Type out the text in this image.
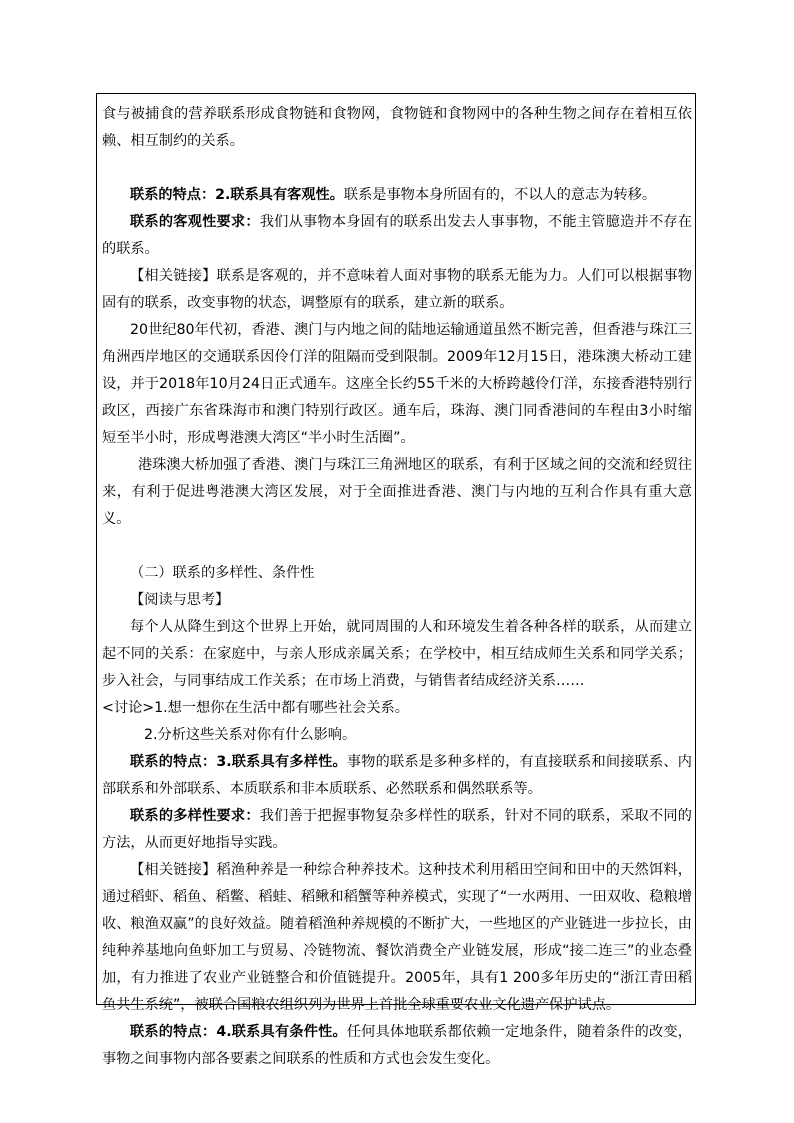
食与被捕食的营养联系形成食物链和食物网，食物链和食物网中的各种生物之间存在着相互依赖、相互制约的关系。

联系的特点：2.联系具有客观性。联系是事物本身所固有的，不以人的意志为转移。

联系的客观性要求：我们从事物本身固有的联系出发去人事事物，不能主管臆造并不存在的联系。

【相关链接】联系是客观的，并不意味着人面对事物的联系无能为力。人们可以根据事物固有的联系，改变事物的状态，调整原有的联系，建立新的联系。

20世纪80年代初，香港、澳门与内地之间的陆地运输通道虽然不断完善，但香港与珠江三角洲西岸地区的交通联系因伶仃洋的阻隔而受到限制。2009年12月15日，港珠澳大桥动工建设，并于2018年10月24日正式通车。这座全长约55千米的大桥跨越伶仃洋，东接香港特别行政区，西接广东省珠海市和澳门特别行政区。通车后，珠海、澳门同香港间的车程由3小时缩短至半小时，形成粤港澳大湾区“半小时生活圈”。

港珠澳大桥加强了香港、澳门与珠江三角洲地区的联系，有利于区域之间的交流和经贸往来，有利于促进粤港澳大湾区发展，对于全面推进香港、澳门与内地的互利合作具有重大意义。

（二）联系的多样性、条件性

【阅读与思考】

每个人从降生到这个世界上开始，就同周围的人和环境发生着各种各样的联系，从而建立起不同的关系：在家庭中，与亲人形成亲属关系；在学校中，相互结成师生关系和同学关系；步入社会，与同事结成工作关系；在市场上消费，与销售者结成经济关系……

<讨论>1.想一想你在生活中都有哪些社会关系。

2.分析这些关系对你有什么影响。

联系的特点：3.联系具有多样性。事物的联系是多种多样的，有直接联系和间接联系、内部联系和外部联系、本质联系和非本质联系、必然联系和偶然联系等。

联系的多样性要求：我们善于把握事物复杂多样性的联系，针对不同的联系，采取不同的方法，从而更好地指导实践。

【相关链接】稻渔种养是一种综合种养技术。这种技术利用稻田空间和田中的天然饵料，通过稻虾、稻鱼、稻鳖、稻蛙、稻鳅和稻蟹等种养模式，实现了“一水两用、一田双收、稳粮增收、粮渔双赢”的良好效益。随着稻渔种养规模的不断扩大，一些地区的产业链进一步拉长，由纯种养基地向鱼虾加工与贸易、冷链物流、餐饮消费全产业链发展，形成“接二连三”的业态叠加，有力推进了农业产业链整合和价值链提升。2005年，具有1 200多年历史的“浙江青田稻鱼共生系统”，被联合国粮农组织列为世界上首批全球重要农业文化遗产保护试点。

联系的特点：4.联系具有条件性。任何具体地联系都依赖一定地条件，随着条件的改变，事物之间事物内部各要素之间联系的性质和方式也会发生变化。
